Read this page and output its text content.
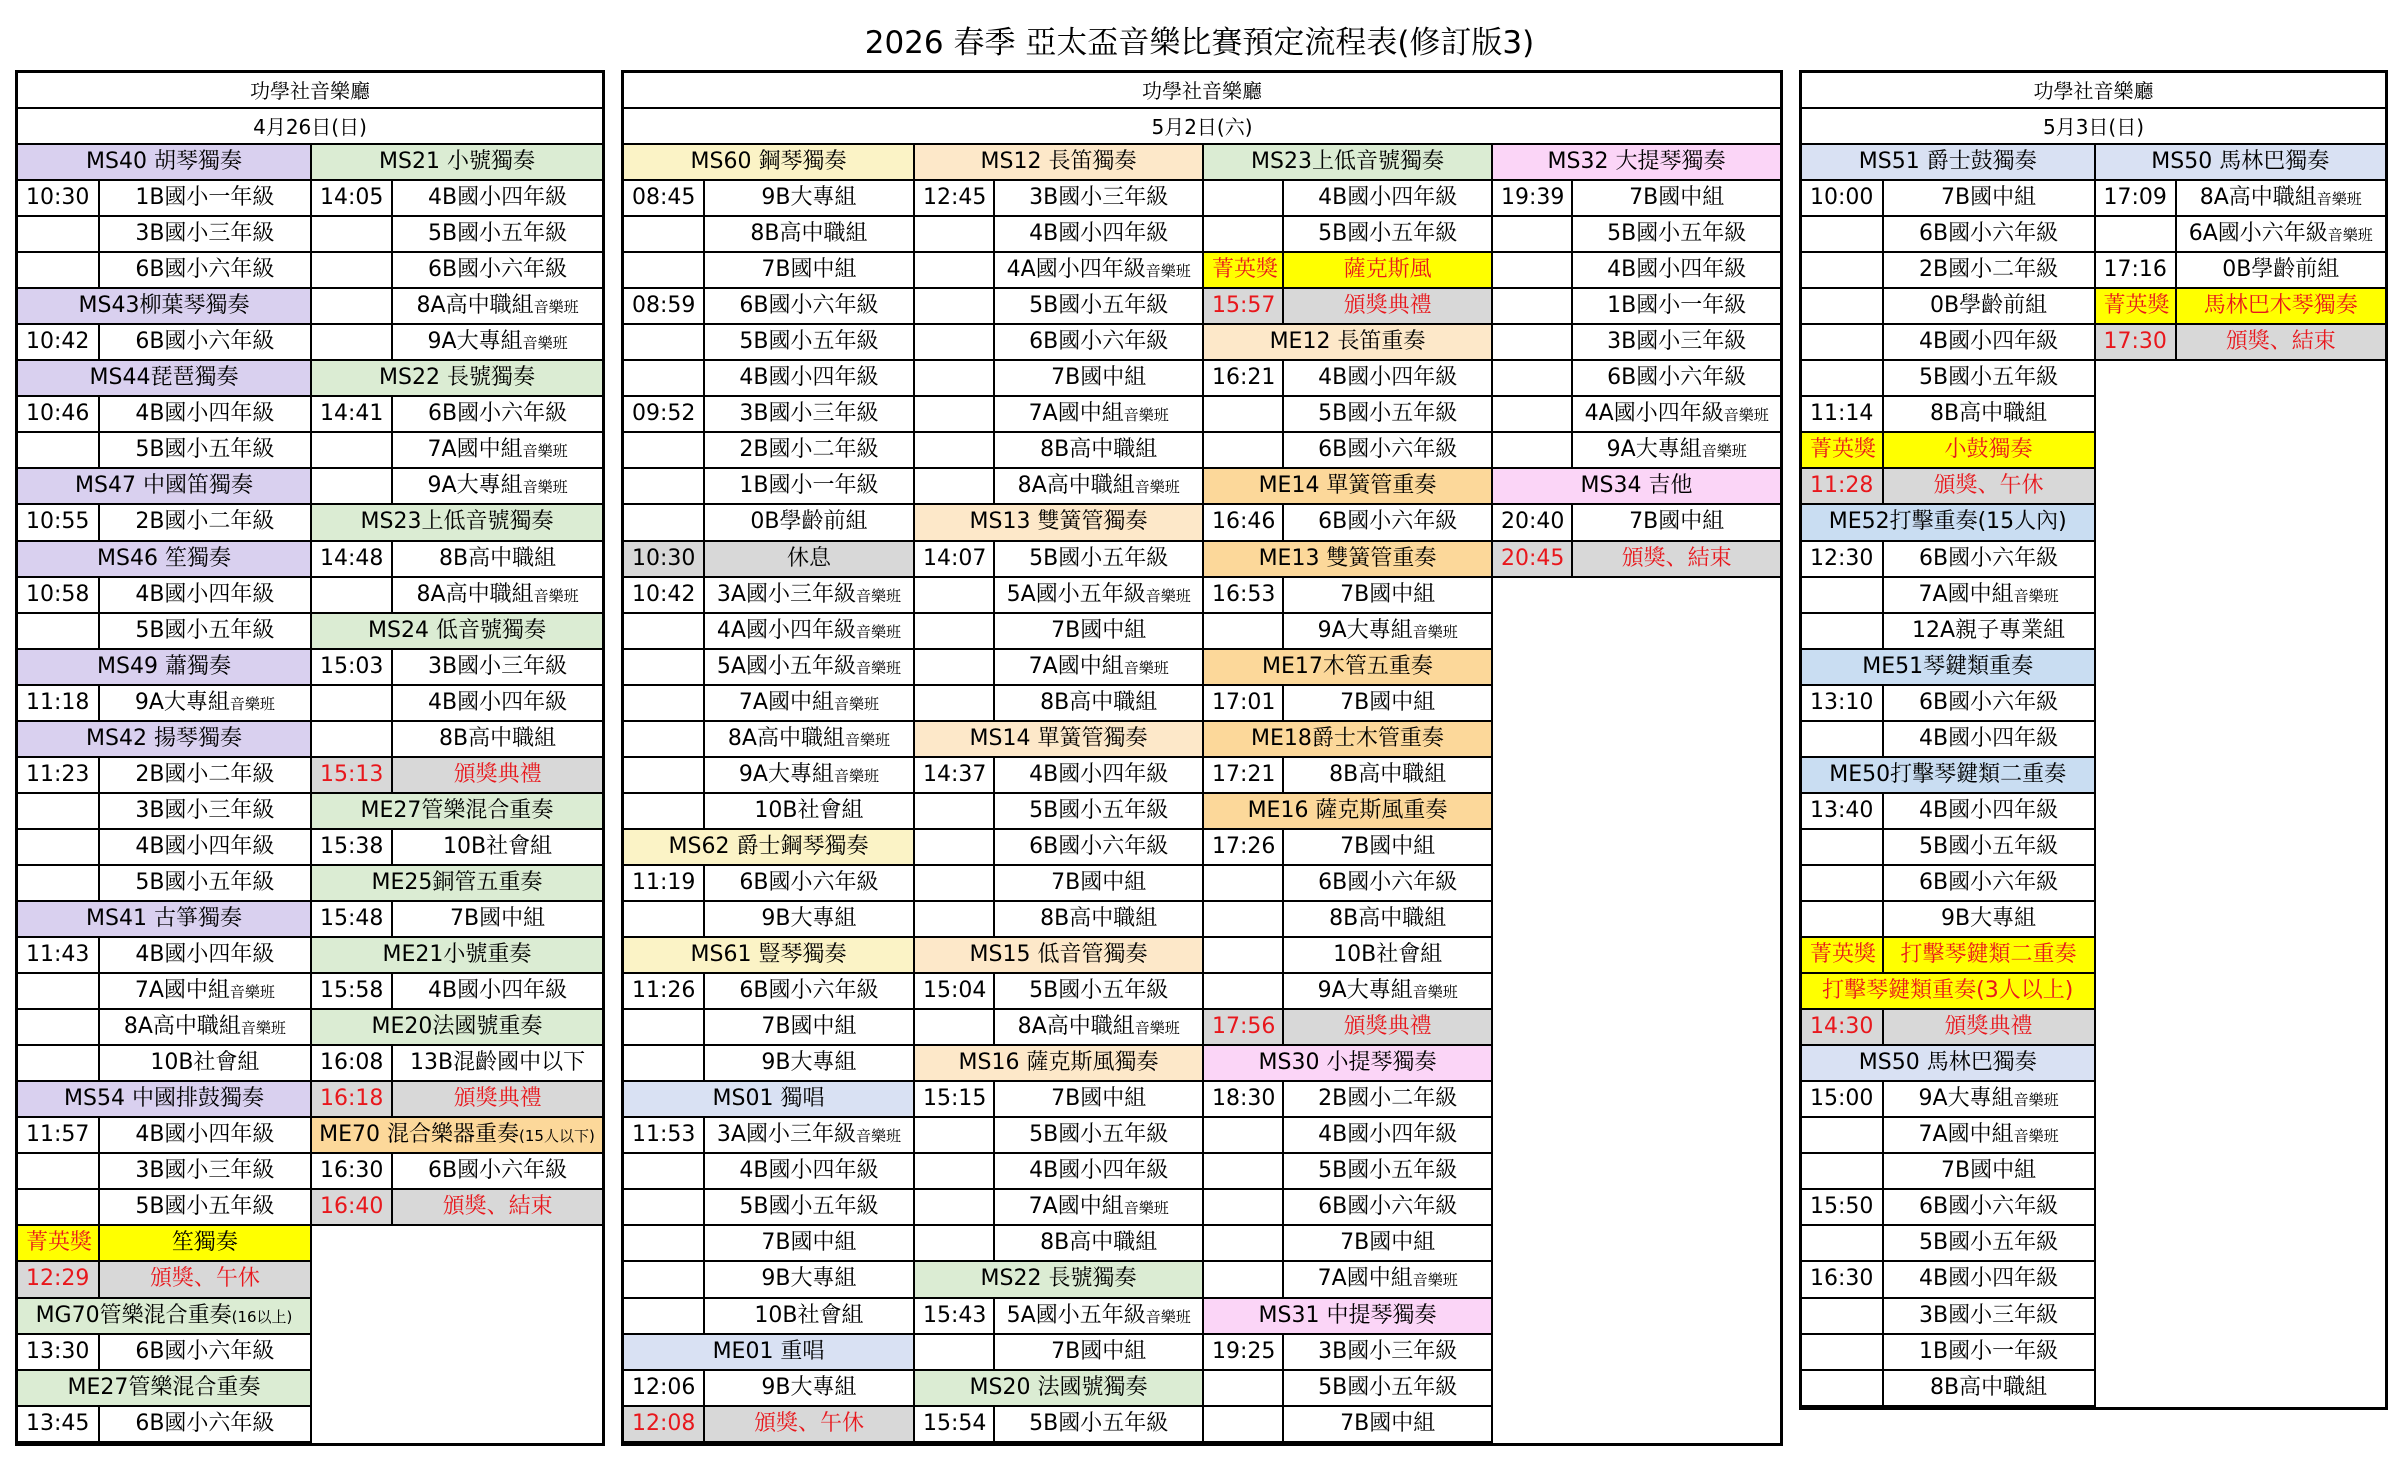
2026 春季 亞太盃音樂比賽預定流程表(修訂版3)
功學社音樂廳
4月26日(日)
MS40 胡琴獨奏
10:30	1B國小一年級
3B國小三年級
6B國小六年級
MS43柳葉琴獨奏
10:42	6B國小六年級
MS44琵琶獨奏
10:46	4B國小四年級
5B國小五年級
MS47 中國笛獨奏
10:55	2B國小二年級
MS46 笙獨奏
10:58	4B國小四年級
5B國小五年級
MS49 蕭獨奏
11:18	9A大專組音樂班
MS42 揚琴獨奏
11:23	2B國小二年級
3B國小三年級
4B國小四年級
5B國小五年級
MS41 古箏獨奏
11:43	4B國小四年級
7A國中組音樂班
8A高中職組音樂班
10B社會組
MS54 中國排鼓獨奏
11:57	4B國小四年級
3B國小三年級
5B國小五年級
菁英獎	笙獨奏
12:29	頒獎、午休
MG70管樂混合重奏(16以上)
13:30	6B國小六年級
ME27管樂混合重奏
13:45	6B國小六年級
MS21 小號獨奏
14:05	4B國小四年級
5B國小五年級
6B國小六年級
8A高中職組音樂班
9A大專組音樂班
MS22 長號獨奏
14:41	6B國小六年級
7A國中組音樂班
9A大專組音樂班
MS23上低音號獨奏
14:48	8B高中職組
8A高中職組音樂班
MS24 低音號獨奏
15:03	3B國小三年級
4B國小四年級
8B高中職組
15:13	頒獎典禮
ME27管樂混合重奏
15:38	10B社會組
ME25銅管五重奏
15:48	7B國中組
ME21小號重奏
15:58	4B國小四年級
ME20法國號重奏
16:08	13B混齡國中以下
16:18	頒獎典禮
ME70 混合樂器重奏(15人以下)
16:30	6B國小六年級
16:40	頒獎、結束
功學社音樂廳
5月2日(六)
MS60 鋼琴獨奏
08:45	9B大專組
8B高中職組
7B國中組
08:59	6B國小六年級
5B國小五年級
4B國小四年級
09:52	3B國小三年級
2B國小二年級
1B國小一年級
0B學齡前組
10:30	休息
10:42 3A國小三年級音樂班
4A國小四年級音樂班
5A國小五年級音樂班
7A國中組音樂班
8A高中職組音樂班
9A大專組音樂班
10B社會組
MS62 爵士鋼琴獨奏
11:19	6B國小六年級
9B大專組
MS61 豎琴獨奏
11:26	6B國小六年級
7B國中組
9B大專組
MS01 獨唱
11:53 3A國小三年級音樂班
4B國小四年級
5B國小五年級
7B國中組
9B大專組
10B社會組
ME01 重唱
12:06	9B大專組
12:08	頒獎、午休
MS12 長笛獨奏
12:45	3B國小三年級
4B國小四年級
4A國小四年級音樂班
5B國小五年級
6B國小六年級
7B國中組
7A國中組音樂班
8B高中職組
8A高中職組音樂班
MS13 雙簧管獨奏
14:07	5B國小五年級
5A國小五年級音樂班
7B國中組
7A國中組音樂班
8B高中職組
MS14 單簧管獨奏
14:37	4B國小四年級
5B國小五年級
6B國小六年級
7B國中組
8B高中職組
MS15 低音管獨奏
15:04	5B國小五年級
8A高中職組音樂班
MS16 薩克斯風獨奏
15:15	7B國中組
5B國小五年級
4B國小四年級
7A國中組音樂班
8B高中職組
MS22 長號獨奏
15:43 5A國小五年級音樂班
7B國中組
MS20 法國號獨奏
15:54	5B國小五年級
MS23上低音號獨奏
4B國小四年級
5B國小五年級
菁英獎	薩克斯風
15:57	頒獎典禮
ME12 長笛重奏
16:21	4B國小四年級
5B國小五年級
6B國小六年級
ME14 單簧管重奏
16:46	6B國小六年級
ME13 雙簧管重奏
16:53	7B國中組
9A大專組音樂班
ME17木管五重奏
17:01	7B國中組
ME18爵士木管重奏
17:21	8B高中職組
ME16 薩克斯風重奏
17:26	7B國中組
6B國小六年級
8B高中職組
10B社會組
9A大專組音樂班
17:56	頒獎典禮
MS30 小提琴獨奏
18:30	2B國小二年級
4B國小四年級
5B國小五年級
6B國小六年級
7B國中組
7A國中組音樂班
MS31 中提琴獨奏
19:25	3B國小三年級
5B國小五年級
7B國中組
MS32 大提琴獨奏
19:39	7B國中組
5B國小五年級
4B國小四年級
1B國小一年級
3B國小三年級
6B國小六年級
4A國小四年級音樂班
9A大專組音樂班
MS34 吉他
20:40	7B國中組
20:45	頒獎、結束
功學社音樂廳
5月3日(日)
MS51 爵士鼓獨奏
10:00	7B國中組
6B國小六年級
2B國小二年級
0B學齡前組
4B國小四年級
5B國小五年級
11:14	8B高中職組
菁英獎	小鼓獨奏
11:28	頒獎、午休
ME52打擊重奏(15人內)
12:30	6B國小六年級
7A國中組音樂班
12A親子專業組
ME51琴鍵類重奏
13:10	6B國小六年級
4B國小四年級
ME50打擊琴鍵類二重奏
13:40	4B國小四年級
5B國小五年級
6B國小六年級
9B大專組
菁英獎	打擊琴鍵類二重奏
打擊琴鍵類重奏(3人以上)
14:30	頒獎典禮
MS50 馬林巴獨奏
15:00	9A大專組音樂班
7A國中組音樂班
7B國中組
15:50	6B國小六年級
5B國小五年級
16:30	4B國小四年級
3B國小三年級
1B國小一年級
8B高中職組
MS50 馬林巴獨奏
17:09	8A高中職組音樂班
6A國小六年級音樂班
17:16	0B學齡前組
菁英獎	馬林巴木琴獨奏
17:30	頒獎、結束
